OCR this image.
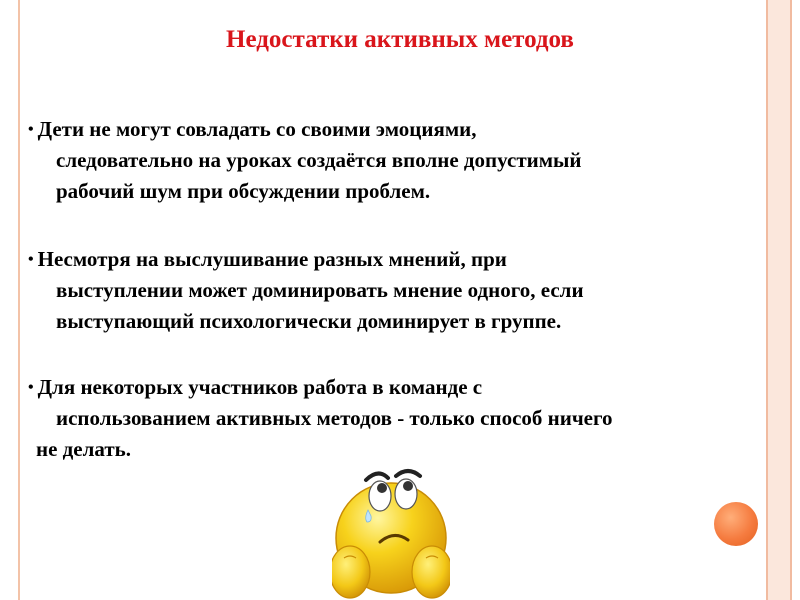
Недостатки активных методов
• Дети не могут совладать со своими эмоциями,
следовательно на уроках создаётся вполне допустимый
рабочий шум при обсуждении проблем.
• Несмотря на выслушивание разных мнений, при
выступлении может доминировать мнение одного, если
выступающий психологически доминирует в группе.
• Для некоторых участников работа в команде с
использованием активных методов - только способ ничего
не делать.
